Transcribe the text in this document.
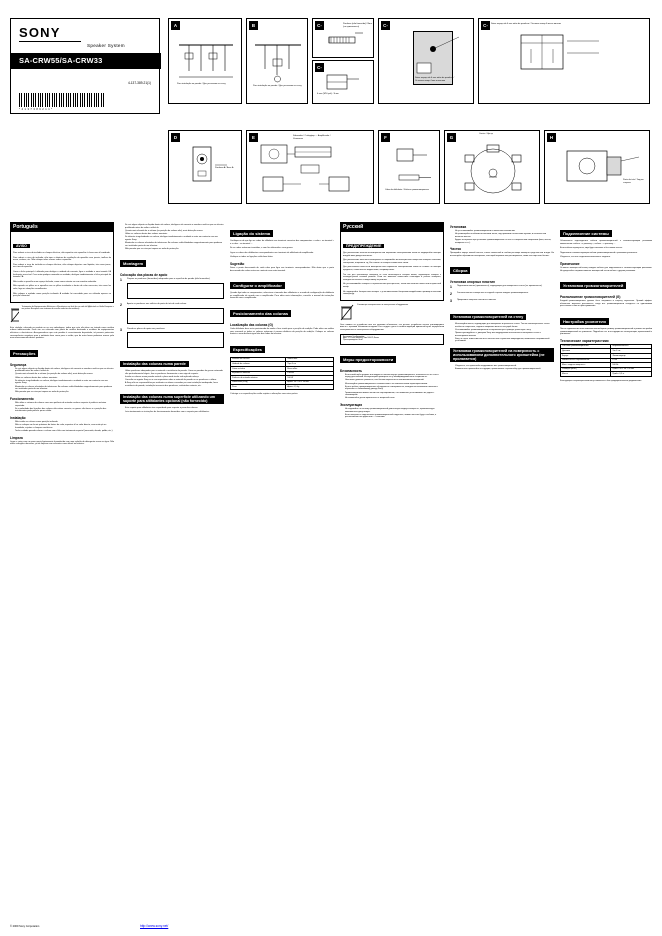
SONY
Speaker System
SA-CRW55/SA-CRW33
4-137-389-21(1)
* 4 1 3 7 3 8 9 2 1 1 *
A
Para instalação na parede / Для установки на стену
B
Para instalação na parede / Для установки на стену
C-1
Parafuso (não fornecido) / Винт (не прилагается)
C-2
4 mm (3/16 pol.) / 4 мм
C-3
Deixe espaço de 4 mm atrás do parafuso / Оставьте зазор 4 мм за винтом
C-3
Deixe espaço de 4 mm atrás do parafuso / Оставьте зазор 4 мм за винтом
D
Parafuso A / Винт A
E	Subwoofer / Сабвуфер — Amplificador / Усилитель	F
Cabo de altifalante / Кабель громкоговорителя
G
Centro / Центр
H
Parte de trás / Задняя сторона
Português
AVISO

Para reduzir o risco de incêndio ou choque eléctrico, não exponha este aparelho à chuva nem à humidade.

Para reduzir o risco de incêndio, não tape a abertura de ventilação do aparelho com jornais, toalhas de mesa, cortinas, etc. Não coloque velas acesas sobre o aparelho.

Para reduzir o risco de incêndio ou choque eléctrico, não coloque objectos com líquidos, tais como jarras, em cima do aparelho.

Como a ficha principal é utilizada para desligar a unidade da corrente, ligue a unidade a uma tomada CA facilmente acessível. Caso note qualquer anomalia na unidade, desligue imediatamente a ficha principal da tomada CA.

Não instale o aparelho num espaço fechado, como numa estante ou num armário embutido.

Não exponha as pilhas ou o aparelho com as pilhas instaladas a fontes de calor excessivo, tais como luz solar, fogo ou situações semelhantes.

Não coloque a unidade numa posição inclinada. A unidade foi concebida para ser utilizada apenas na posição horizontal.

Tratamento de Equipamentos Eléctricos e Electrónicos no final da sua vida útil (Aplicável na União Europeia e em países Europeus com sistemas de recolha selectiva de resíduos)

Este símbolo, colocado no produto ou na sua embalagem, indica que este não deve ser tratado como resíduo urbano indiferenciado. Deve sim ser colocado num ponto de recolha destinado a resíduos de equipamentos eléctricos e electrónicos. Assegurando-se que este produto é correctamente depositado, irá prevenir potenciais consequências negativas para o ambiente bem como para a saúde, que de outra forma poderiam ocorrer pelo mau manuseamento destes produtos.

Precauções
Segurança
• Se cair algum objecto ou líquido dentro da coluna, desligue-a da corrente e mande-a verificar por um técnico qualificado antes de voltar a utilizá-la.
• Quanto mais elevado for o volume (na posição de volume alto), mais distorção ocorre.
• Utilize as colunas dentro dos valores nominais.
• Se detectar irregularidades na coluna, desligue imediatamente a unidade e entre em contacto com um agente Sony.
• Mantenha as colunas afastadas de televisores. As colunas estão blindadas magneticamente para poderem ser instaladas perto de um televisor.
• Não permita que as crianças toquem na rede de protecção.
Funcionamento
• Não utilize o sistema de colunas com uma potência de entrada contínua superior à potência máxima suportada.
• Se a polaridade das ligações das colunas não estiver correcta, os graves são fracos e a posição dos instrumentos pode parecer pouco nítida.
Instalação
• Não instale as colunas numa posição inclinada.
• Não as coloque em locais próximos de fontes de calor, expostos à luz solar directa, com muito pó ou humidade, sujeitos a choques mecânicos.
• Tenha cuidado quando colocar a coluna num chão com tratamento especial (encerado, oleado, polido, etc.).
Limpeza

Limpe a caixa com um pano macio ligeiramente humedecido com uma solução de detergente suave ou água. Não utilize esfregões abrasivos, pó de limpeza nem solventes como álcool ou benzina.

• Se cair algum objecto ou líquido dentro da coluna, desligue-a da corrente e mande-a verificar por um técnico qualificado antes de voltar a utilizá-la.
• Quanto mais elevado for o volume (na posição de volume alto), mais distorção ocorre.
• Utilize as colunas dentro dos valores nominais.
• Se detectar irregularidades na coluna, desligue imediatamente a unidade e entre em contacto com um agente Sony.
• Mantenha as colunas afastadas de televisores. As colunas estão blindadas magneticamente para poderem ser instaladas perto de um televisor.
• Não permita que as crianças toquem na rede de protecção.
Montagem
Colocação das placas de apoio
1	Prepare os parafusos (fornecidos) adequados para a superfície de parede (não fornecidos).

2	Aperte os parafusos nos orifícios da parte de trás de cada coluna.

3	Prenda as placas de apoio aos parafusos.

Instalação das colunas numa parede
• Utilize parafusos adequados para o material e resistência da parede. Como as paredes de gesso cartonado são particularmente frágeis, fixe os parafusos firmemente a uma viga de suporte.
• Instale as colunas numa parede vertical e plana onde tenha sido aplicado reforço.
• Consulte um agente Sony ou o seu empreiteiro sobre o material da parede ou os parafusos a utilizar.
• A Sony não se responsabiliza por acidentes ou danos causados por uma instalação inadequada, fraca resistência da parede, instalação incorrecta dos parafusos, catástrofes naturais, etc.
Instalação das colunas numa superfície utilizando um suporte para altifalantes opcional (não fornecido)
• Este suporte para altifalantes tem capacidade para suportar o peso das colunas.
• Leia atentamente as instruções de funcionamento fornecidas com o suporte para altifalantes.
Ligação do sistema

Certifique-se de que liga os cabos de altifalante aos terminais correctos dos componentes: o cabo + ao terminal + e o cabo – ao terminal –.

Se os cabos estiverem invertidos, o som fica distorcido e sem graves.

Ligue os cabos dos altifalantes correspondentes aos terminais de altifalante do amplificador.

Verifique se todas as ligações estão bem feitas.

Sugestão

Deixe a ponta descarnada de cada cabo para ligar aos terminais correspondentes. Não deixe que a parte descarnada dos cabos entre em contacto com outro terminal.

Configurar o amplificador

Quando liga todos os componentes, seleccione o tamanho dos altifalantes e o modo de configuração do altifalante no amplificador de acordo com o amplificador. Para obter mais informações, consulte o manual de instruções fornecido com o amplificador.

Posicionamento das colunas
Localização das colunas (G)

Cada altifalante deve estar posicionado de modo a ficar virado para a posição de audição. Pode obter um melhor som surround se todas as colunas estiverem à mesma distância da posição de audição. Coloque as colunas frontais a uma distância igual dos dois lados do televisor.

Especificações
Sistema de colunas	Gama total
Unidade de colunas	Tipo 6 cm
Caixa acústica	Bass reflex
Impedância nominal	8 ohms
Potência de entrada máxima	100 W
Dimensões (l/a/p)	Aprox. 90 × 98 × 90 mm
Peso	Aprox. 0,5 kg

O design e as especificações estão sujeitos a alterações sem aviso prévio.

Русский
ПРЕДУПРЕЖДЕНИЕ

Для уменьшения опасности возгорания или поражения электрическим током не подвергайте аппарат воздействию дождя или влаги.

Для уменьшения опасности возгорания не закрывайте вентиляционное отверстие аппарата газетами, скатертями, шторами и т.д. Не ставьте на аппарат зажженные свечи.

Для уменьшения опасности возгорания или поражения электрическим током не ставьте на аппарат предметы, наполненные жидкостями, например вазы.

Так как для отключения аппарата от сети используется сетевая вилка, подключите аппарат к легкодоступной сетевой розетке. Если вы заметите какие-либо неполадки в работе аппарата, немедленно выньте сетевую вилку из розетки.

Не устанавливайте аппарат в ограниченном пространстве, таком как книжная полка или встроенный шкаф.

Не подвергайте батареи или аппарат с установленными батареями воздействию чрезмерно высоких температур.

Утилизация электрического и электронного оборудования

Этот символ на устройстве или его упаковке обозначает, что данное устройство нельзя утилизировать вместе с прочими бытовыми отходами. Его следует сдать в соответствующий приемный пункт переработки электрического и электронного оборудования.

Изготовитель: Сони Корпорейшн

Адрес: 1-7-1 Конан, Минато-ку, Токио 108-0075, Япония

Страна-производитель: Китай

Меры предосторожности
Безопасность
• Если какой-либо предмет или жидкость попали внутрь громкоговорителя, отключите его от сети и перед дальнейшей эксплуатацией проверьте его у квалифицированного специалиста.
• Чем выше уровень громкости, тем больше вероятность возникновения искажений.
• Используйте громкоговорители в соответствии с их номинальными характеристиками.
• Если в работе громкоговорителя обнаружатся неисправности, немедленно выключите питание и обратитесь к ближайшему дилеру Sony.
• Громкоговорители имеют магнитное экранирование, что позволяет устанавливать их рядом с телевизором.
• Не позволяйте детям прикасаться к защитной сетке.
Эксплуатация
• Не подавайте на систему громкоговорителей длительную входную мощность, превышающую максимально допустимую.
• Если полярность подключения громкоговорителей нарушена, низкие частоты будут слабыми, а расположение инструментов — нечетким.
Установка
• Не устанавливайте громкоговорители в наклонном положении.
• Не размещайте их вблизи источников тепла, под прямыми солнечными лучами, в пыльных или влажных местах.
• Будьте осторожны при установке громкоговорителя на пол со специальным покрытием (воск, масло, полироль и т.п.).
Чистка

Протирайте корпус мягкой тканью, слегка смоченной в слабом растворе моющего средства или в воде. Не используйте абразивные материалы, чистящий порошок или растворители, такие как спирт или бензин.

Сборка
Установка опорных пластин
1	Подготовьте винты (прилагаются), подходящие для поверхности стены (не прилагаются).

2	Затяните винты в отверстия на задней стороне каждого громкоговорителя.

3	Прикрепите опорные пластины к винтам.

Установка громкоговорителей на стену
• Используйте винты, подходящие для материала и прочности стены. Так как гипсокартонные стены особенно непрочные, надежно закрепите винты в несущей балке.
• Устанавливайте громкоговорители на вертикальную и ровную усиленную стену.
• Проконсультируйтесь с дилером Sony или подрядчиком относительно материала стены и используемых винтов.
• Sony не несет ответственности за несчастные случаи или повреждения, вызванные неправильной установкой.
Установка громкоговорителей на поверхность с использованием дополнительного кронштейна (не прилагается)
• Убедитесь, что кронштейн выдерживает вес громкоговорителей.
• Внимательно прочитайте инструкции, прилагаемые к кронштейну для громкоговорителей.
Подключение системы

Обязательно подсоедините кабели громкоговорителей к соответствующим разъемам компонентов: кабель + к разъему +, кабель – к разъему –.

Если кабели перепутаны, звук будет искажен и без низких частот.

Подключите соответствующие кабели громкоговорителей к разъемам усилителя.

Убедитесь, что все соединения выполнены надежно.

Примечание

Оставьте зачищенный конец каждого кабеля для подключения к соответствующим разъемам. Не допускайте соприкосновения зачищенной части кабеля с другим разъемом.

Установка громкоговорителей
Расположение громкоговорителей (G)

Каждый громкоговоритель должен быть направлен в сторону слушателя. Лучший эффект объемного звучания достигается, когда все громкоговорители находятся на одинаковом расстоянии от места прослушивания.

Настройка усилителя

После подключения всех компонентов выберите размер громкоговорителей и режим настройки громкоговорителей на усилителе. Подробнее см. в инструкции по эксплуатации, прилагаемой к усилителю.

Технические характеристики
Система громкоговорителей	Широкополосная
Динамик	Тип 6 см
Корпус	Фазоинвертор
Номинальное сопротивление	8 Ом
Макс. входная мощность	100 Вт
Размеры (ш/в/г)	Прибл. 90 × 98 × 90 мм
Масса	Прибл. 0,5 кг

Конструкция и характеристики могут изменяться без предварительного уведомления.

© 2009 Sony Corporation	http://www.sony.net/
